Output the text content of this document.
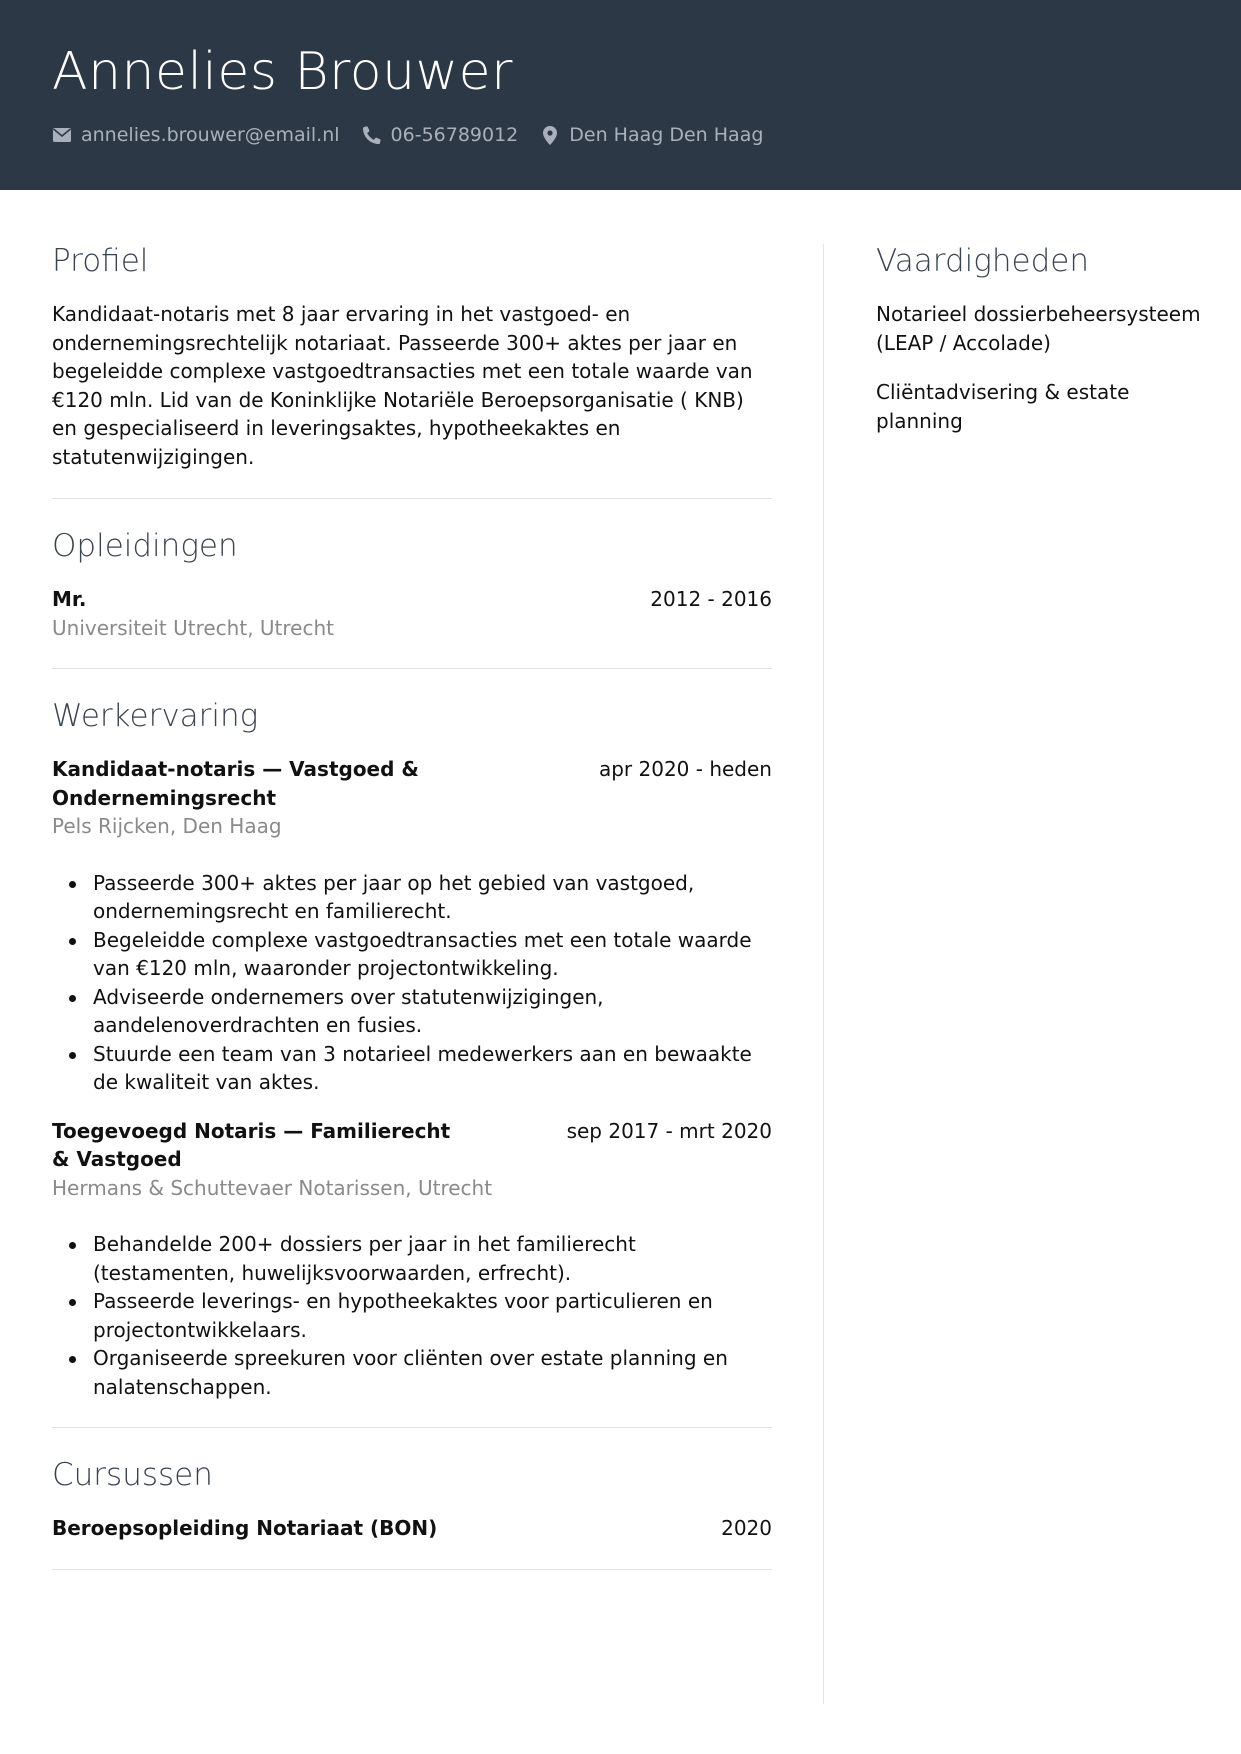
Annelies Brouwer
annelies.brouwer@email.nl	06-56789012	Den Haag Den Haag
Profiel
Kandidaat-notaris met 8 jaar ervaring in het vastgoed- en ondernemingsrechtelijk notariaat. Passeerde 300+ aktes per jaar en begeleidde complexe vastgoedtransacties met een totale waarde van €120 mln. Lid van de Koninklijke Notariële Beroepsorganisatie ( KNB) en gespecialiseerd in leveringsaktes, hypotheekaktes en statutenwijzigingen.
Opleidingen
Mr.	2012 - 2016
Universiteit Utrecht, Utrecht
Werkervaring
Kandidaat-notaris — Vastgoed & Ondernemingsrecht
apr 2020 - heden
Pels Rijcken, Den Haag
Passeerde 300+ aktes per jaar op het gebied van vastgoed, ondernemingsrecht en familierecht.
Begeleidde complexe vastgoedtransacties met een totale waarde van €120 mln, waaronder projectontwikkeling.
Adviseerde ondernemers over statutenwijzigingen, aandelenoverdrachten en fusies.
Stuurde een team van 3 notarieel medewerkers aan en bewaakte de kwaliteit van aktes.
Toegevoegd Notaris — Familierecht & Vastgoed
sep 2017 - mrt 2020
Hermans & Schuttevaer Notarissen, Utrecht
Behandelde 200+ dossiers per jaar in het familierecht (testamenten, huwelijksvoorwaarden, erfrecht).
Passeerde leverings- en hypotheekaktes voor particulieren en projectontwikkelaars.
Organiseerde spreekuren voor cliënten over estate planning en nalatenschappen.
Cursussen
Beroepsopleiding Notariaat (BON)	2020
Vaardigheden
Notarieel dossierbeheersysteem (LEAP / Accolade)
Cliëntadvisering & estate planning
